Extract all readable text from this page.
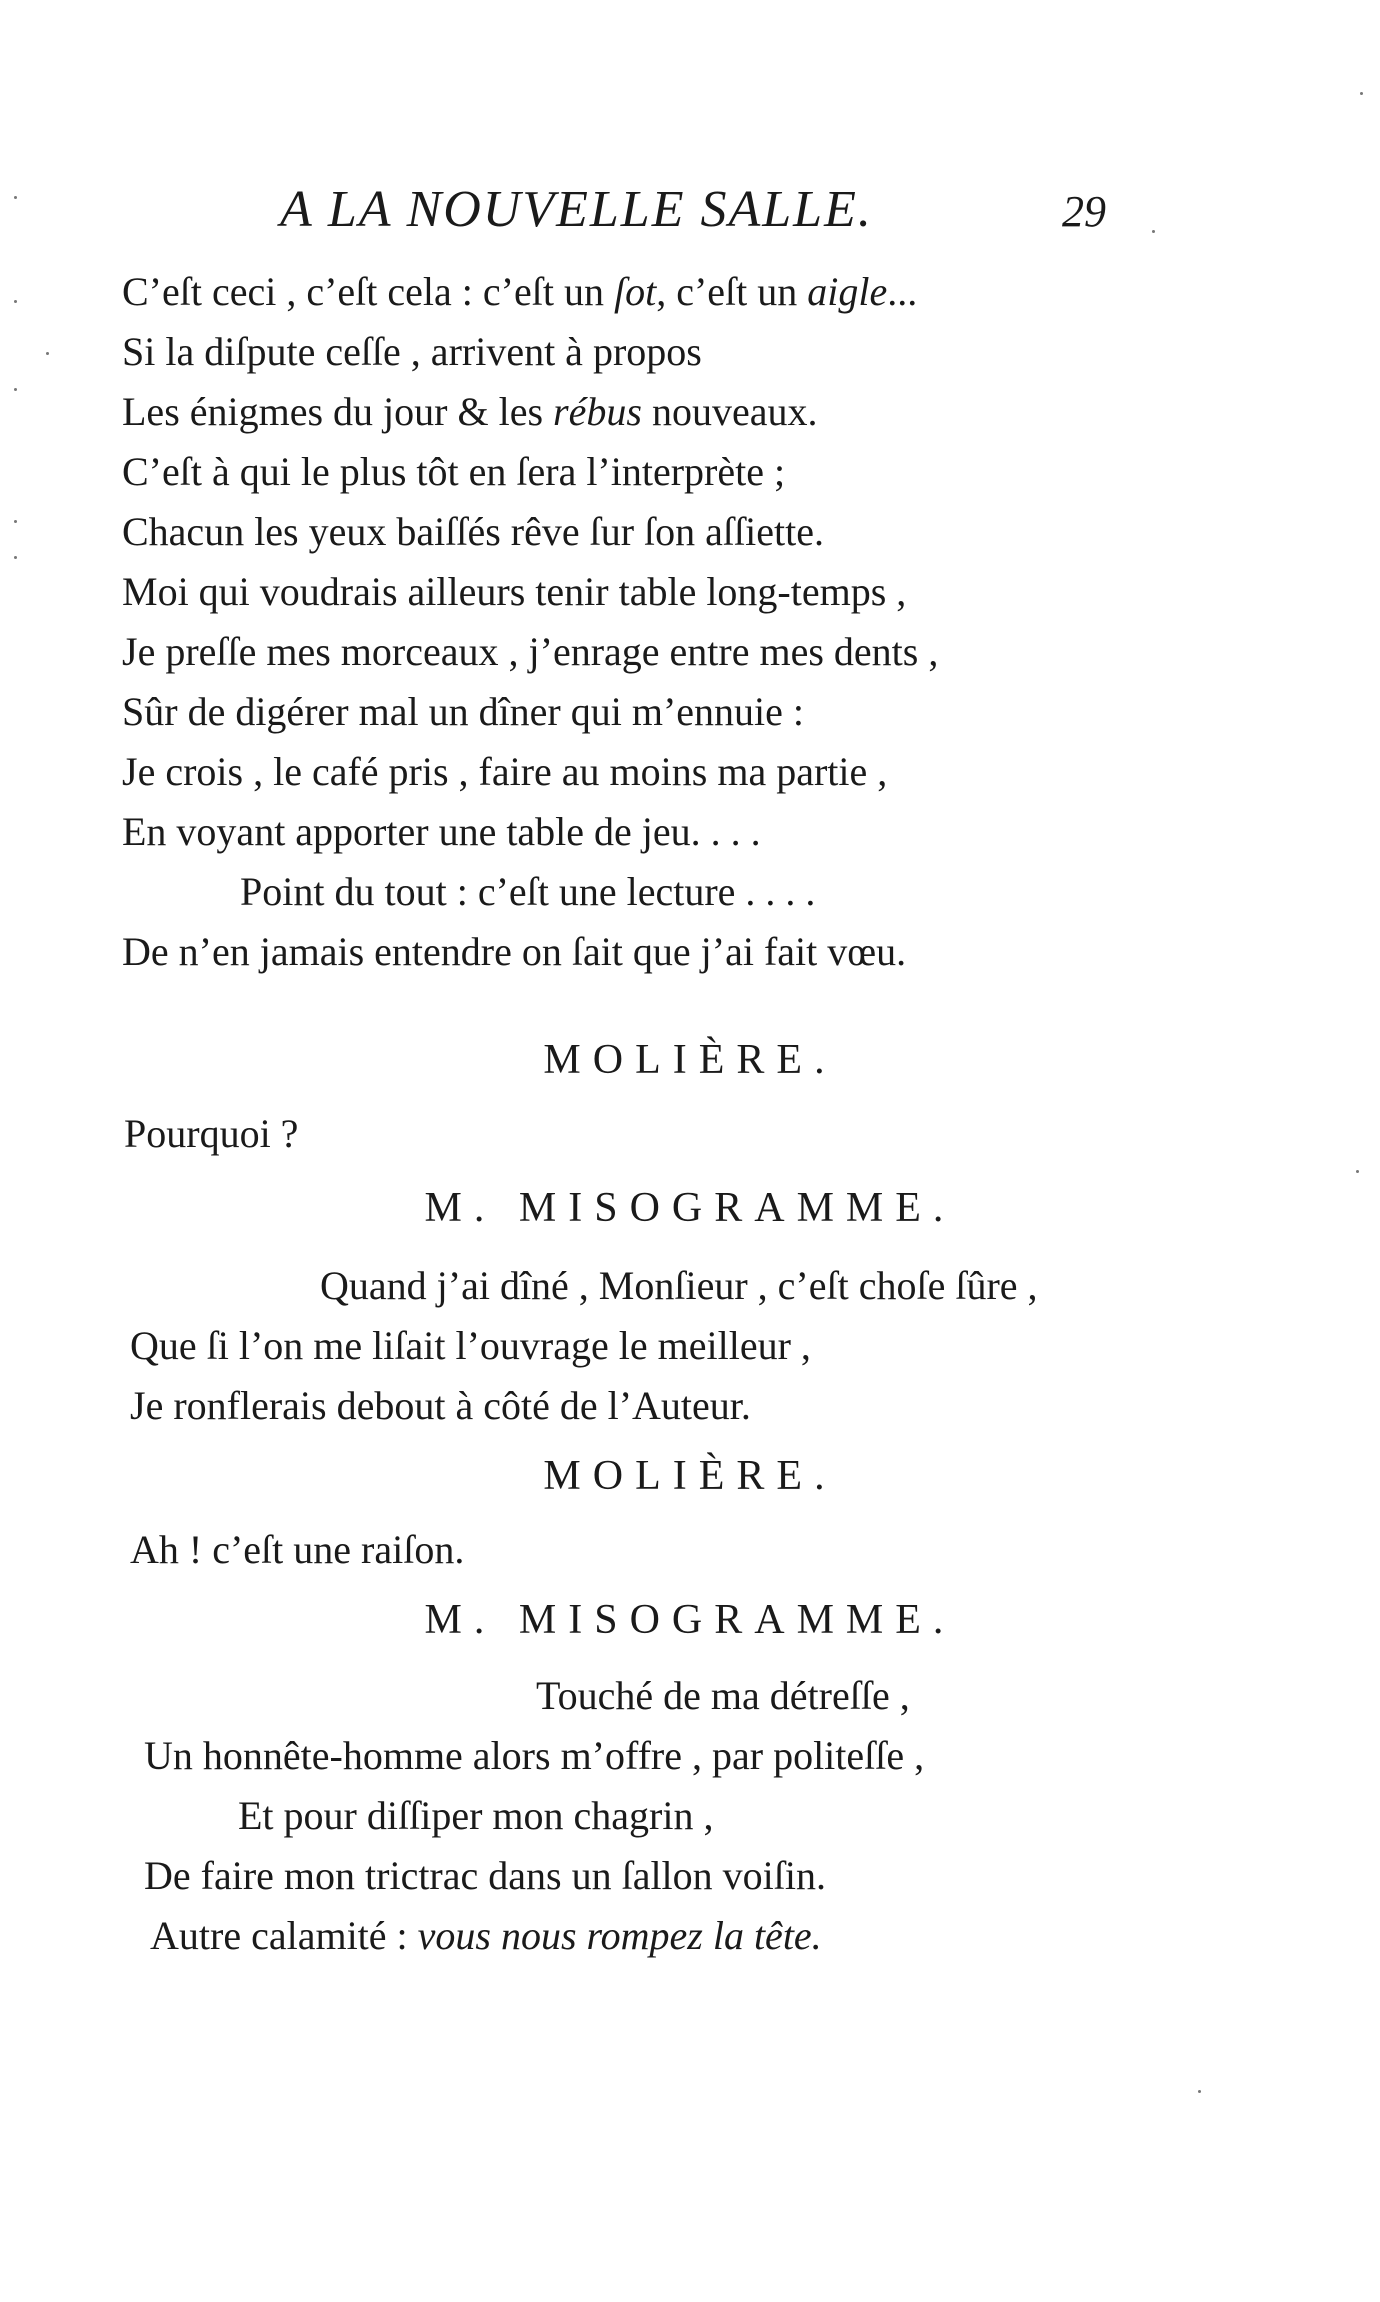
A LA NOUVELLE SALLE.	29
C’eſt ceci , c’eſt cela : c’eſt un ſot, c’eſt un aigle...
Si la diſpute ceſſe , arrivent à propos
Les énigmes du jour & les rébus nouveaux.
C’eſt à qui le plus tôt en ſera l’interprète ;
Chacun les yeux baiſſés rêve ſur ſon aſſiette.
Moi qui voudrais ailleurs tenir table long-temps ,
Je preſſe mes morceaux , j’enrage entre mes dents ,
Sûr de digérer mal un dîner qui m’ennuie :
Je crois , le café pris , faire au moins ma partie ,
En voyant apporter une table de jeu. . . .
Point du tout : c’eſt une lecture . . . .
De n’en jamais entendre on ſait que j’ai fait vœu.
MOLIÈRE.
Pourquoi ?
M. MISOGRAMME.
Quand j’ai dîné , Monſieur , c’eſt choſe ſûre ,
Que ſi l’on me liſait l’ouvrage le meilleur ,
Je ronflerais debout à côté de l’Auteur.
MOLIÈRE.
Ah ! c’eſt une raiſon.
M. MISOGRAMME.
Touché de ma détreſſe ,
Un honnête-homme alors m’offre , par politeſſe ,
Et pour diſſiper mon chagrin ,
De faire mon trictrac dans un ſallon voiſin.
Autre calamité : vous nous rompez la tête.
